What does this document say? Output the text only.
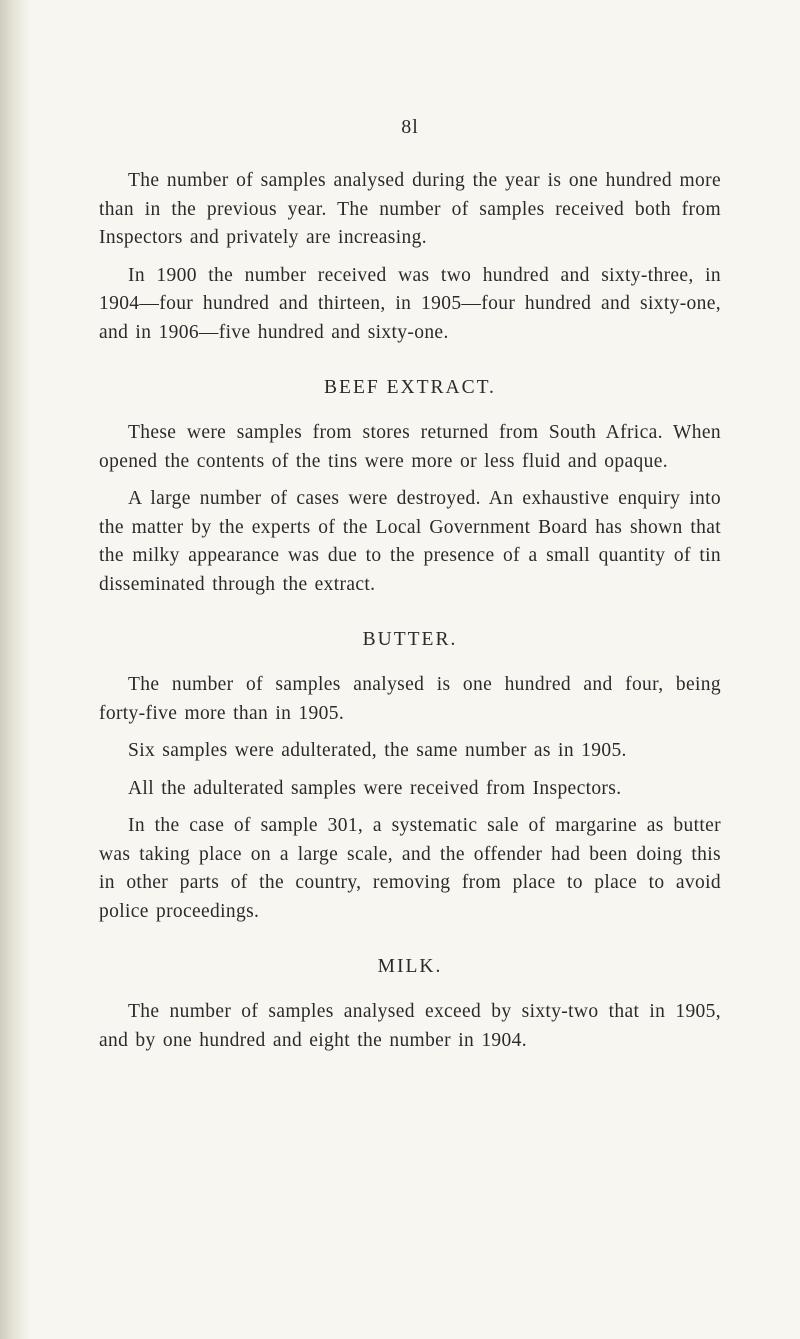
8l

The number of samples analysed during the year is one hundred more than in the previous year. The number of samples received both from Inspectors and privately are increasing.

In 1900 the number received was two hundred and sixty-three, in 1904—four hundred and thirteen, in 1905—four hundred and sixty-one, and in 1906—five hundred and sixty-one.

BEEF EXTRACT.

These were samples from stores returned from South Africa. When opened the contents of the tins were more or less fluid and opaque.

A large number of cases were destroyed. An exhaustive enquiry into the matter by the experts of the Local Government Board has shown that the milky appearance was due to the presence of a small quantity of tin disseminated through the extract.

BUTTER.

The number of samples analysed is one hundred and four, being forty-five more than in 1905.

Six samples were adulterated, the same number as in 1905.

All the adulterated samples were received from Inspectors.

In the case of sample 301, a systematic sale of margarine as butter was taking place on a large scale, and the offender had been doing this in other parts of the country, removing from place to place to avoid police proceedings.

MILK.

The number of samples analysed exceed by sixty-two that in 1905, and by one hundred and eight the number in 1904.
